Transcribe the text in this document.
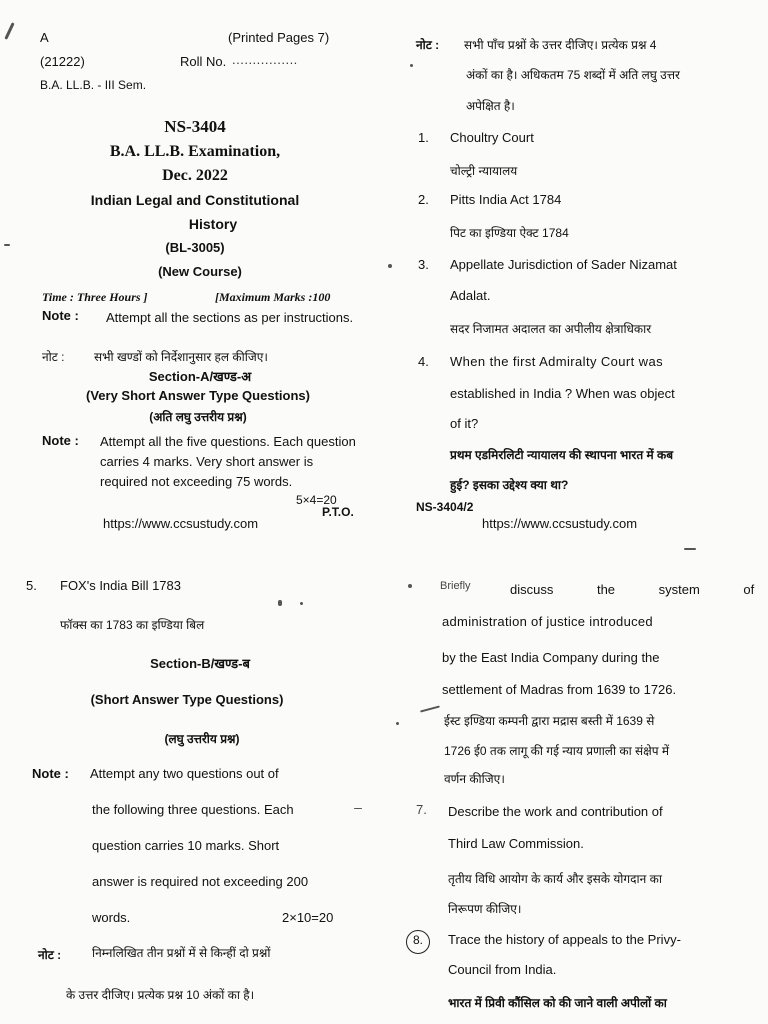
A	(Printed Pages 7)
(21222)	Roll No. ................
B.A. LL.B. - III Sem.
NS-3404
B.A. LL.B. Examination,
Dec. 2022
Indian Legal and Constitutional
History
(BL-3005)
(New Course)
Time : Three Hours ]	[Maximum Marks :100
Note : Attempt all the sections as per instructions.
नोट : सभी खण्डों को निर्देशानुसार हल कीजिए।
Section-A/खण्ड-अ
(Very Short Answer Type Questions)
(अति लघु उत्तरीय प्रश्न)
Note : Attempt all the five questions. Each question carries 4 marks. Very short answer is required not exceeding 75 words.
5×4=20
P.T.O.
https://www.ccsustudy.com
नोट : सभी पाँच प्रश्नों के उत्तर दीजिए। प्रत्येक प्रश्न 4
अंकों का है। अधिकतम 75 शब्दों में अति लघु उत्तर
अपेक्षित है।
1. Choultry Court
चोल्ट्री न्यायालय
2. Pitts India Act 1784
पिट का इण्डिया ऐक्ट 1784
3. Appellate Jurisdiction of Sader Nizamat
Adalat.
सदर निजामत अदालत का अपीलीय क्षेत्राधिकार
4. When the first Admiralty Court was
established in India ? When was object
of it?
प्रथम एडमिरलिटी न्यायालय की स्थापना भारत में कब
हुई? इसका उद्देश्य क्या था?
NS-3404/2
https://www.ccsustudy.com
5. FOX's India Bill 1783
फॉक्स का 1783 का इण्डिया बिल
Section-B/खण्ड-ब
(Short Answer Type Questions)
(लघु उत्तरीय प्रश्न)
Note : Attempt any two questions out of
the following three questions. Each
question carries 10 marks. Short
answer is required not exceeding 200
words.	2×10=20
नोट :	निम्नलिखित तीन प्रश्नों में से किन्हीं दो प्रश्नों
के उत्तर दीजिए। प्रत्येक प्रश्न 10 अंकों का है।
Briefly	discuss the system of
administration of justice introduced
by the East India Company during the
settlement of Madras from 1639 to 1726.
ईस्ट इण्डिया कम्पनी द्वारा मद्रास बस्ती में 1639 से
1726 ई0 तक लागू की गई न्याय प्रणाली का संक्षेप में
वर्णन कीजिए।
7. Describe the work and contribution of
Third Law Commission.
तृतीय विधि आयोग के कार्य और इसके योगदान का
निरूपण कीजिए।
8. Trace the history of appeals to the Privy-
Council from India.
भारत में प्रिवी कौंसिल को की जाने वाली अपीलों का
